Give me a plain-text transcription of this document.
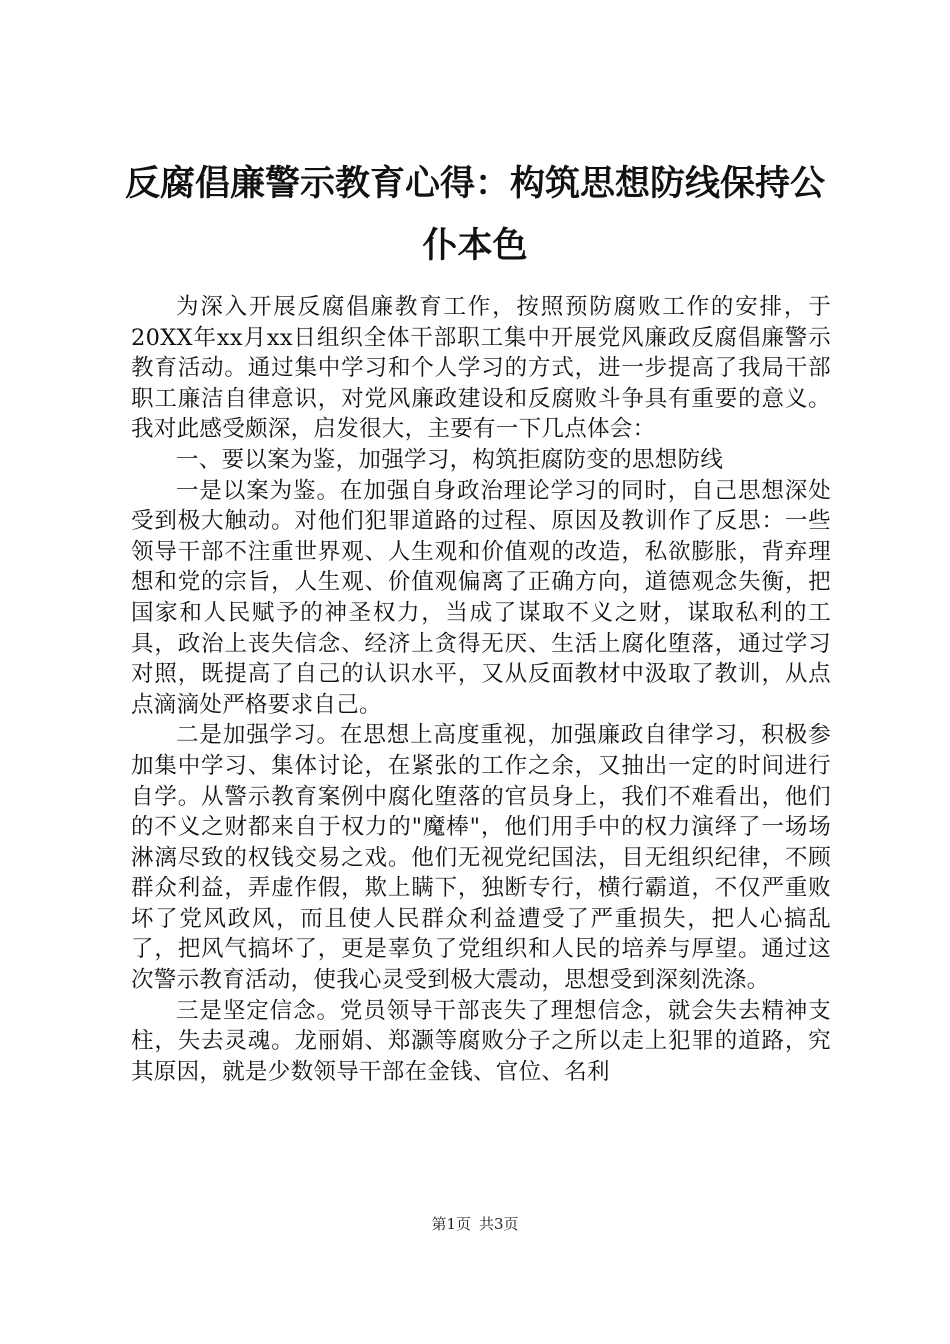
反腐倡廉警示教育心得：构筑思想防线保持公
仆本色

为深入开展反腐倡廉教育工作，按照预防腐败工作的安排，于20XX年xx月xx日组织全体干部职工集中开展党风廉政反腐倡廉警示教育活动。通过集中学习和个人学习的方式，进一步提高了我局干部职工廉洁自律意识，对党风廉政建设和反腐败斗争具有重要的意义。我对此感受颇深，启发很大，主要有一下几点体会：

一、要以案为鉴，加强学习，构筑拒腐防变的思想防线

一是以案为鉴。在加强自身政治理论学习的同时，自己思想深处受到极大触动。对他们犯罪道路的过程、原因及教训作了反思：一些领导干部不注重世界观、人生观和价值观的改造，私欲膨胀，背弃理想和党的宗旨，人生观、价值观偏离了正确方向，道德观念失衡，把国家和人民赋予的神圣权力，当成了谋取不义之财，谋取私利的工具，政治上丧失信念、经济上贪得无厌、生活上腐化堕落，通过学习对照，既提高了自己的认识水平，又从反面教材中汲取了教训，从点点滴滴处严格要求自己。

二是加强学习。在思想上高度重视，加强廉政自律学习，积极参加集中学习、集体讨论，在紧张的工作之余，又抽出一定的时间进行自学。从警示教育案例中腐化堕落的官员身上，我们不难看出，他们的不义之财都来自于权力的"魔棒"，他们用手中的权力演绎了一场场淋漓尽致的权钱交易之戏。他们无视党纪国法，目无组织纪律，不顾群众利益，弄虚作假，欺上瞒下，独断专行，横行霸道，不仅严重败坏了党风政风，而且使人民群众利益遭受了严重损失，把人心搞乱了，把风气搞坏了，更是辜负了党组织和人民的培养与厚望。通过这次警示教育活动，使我心灵受到极大震动，思想受到深刻洗涤。

三是坚定信念。党员领导干部丧失了理想信念，就会失去精神支柱，失去灵魂。龙丽娟、郑灏等腐败分子之所以走上犯罪的道路，究其原因，就是少数领导干部在金钱、官位、名利

第1页 共3页
